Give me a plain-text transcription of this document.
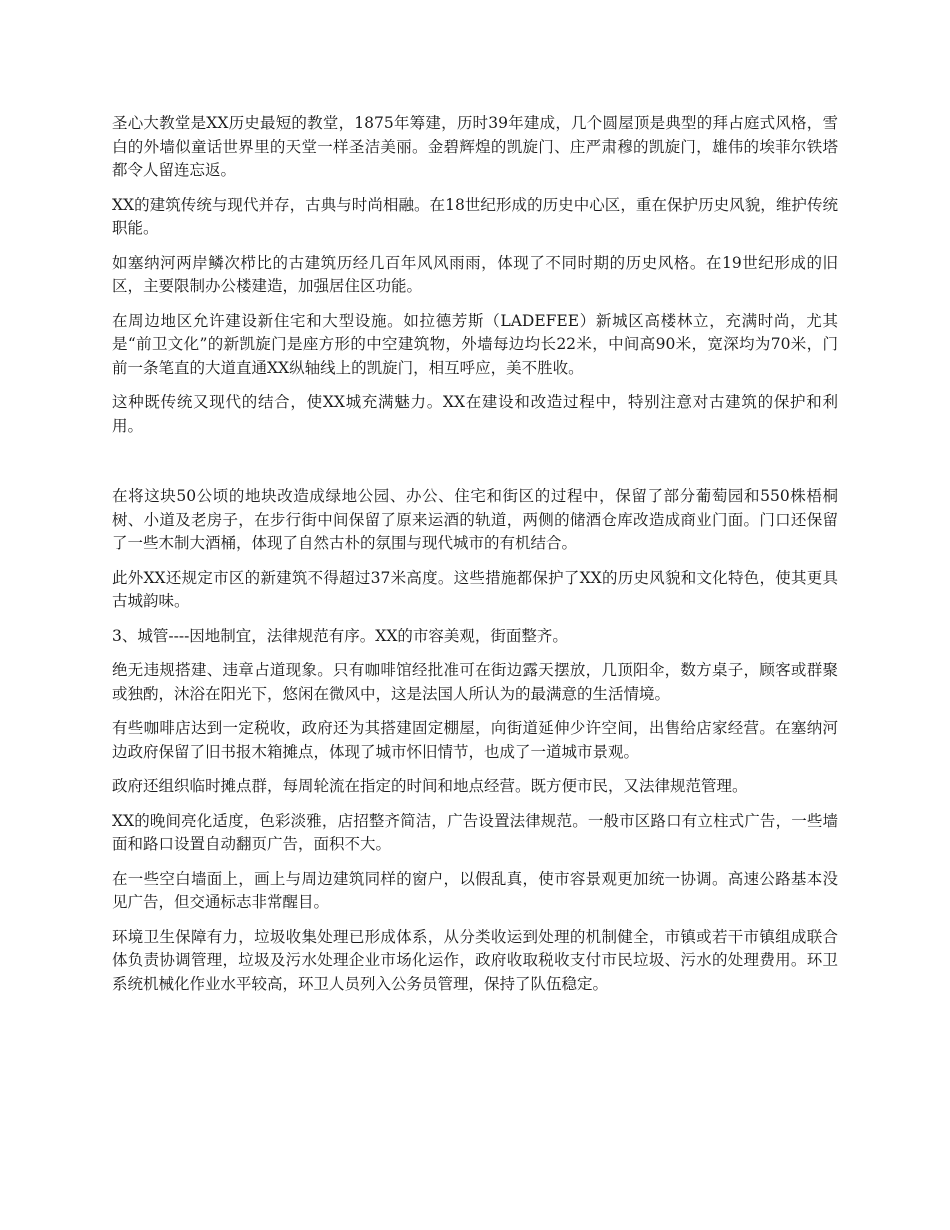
圣心大教堂是XX历史最短的教堂，1875年筹建，历时39年建成，几个圆屋顶是典型的拜占庭式风格，雪白的外墙似童话世界里的天堂一样圣洁美丽。金碧辉煌的凯旋门、庄严肃穆的凯旋门，雄伟的埃菲尔铁塔都令人留连忘返。

XX的建筑传统与现代并存，古典与时尚相融。在18世纪形成的历史中心区，重在保护历史风貌，维护传统职能。

如塞纳河两岸鳞次栉比的古建筑历经几百年风风雨雨，体现了不同时期的历史风格。在19世纪形成的旧区，主要限制办公楼建造，加强居住区功能。

在周边地区允许建设新住宅和大型设施。如拉德芳斯（LADEFEE）新城区高楼林立，充满时尚，尤其是“前卫文化”的新凯旋门是座方形的中空建筑物，外墙每边均长22米，中间高90米，宽深均为70米，门前一条笔直的大道直通XX纵轴线上的凯旋门，相互呼应，美不胜收。

这种既传统又现代的结合，使XX城充满魅力。XX在建设和改造过程中，特别注意对古建筑的保护和利用。

在将这块50公顷的地块改造成绿地公园、办公、住宅和街区的过程中，保留了部分葡萄园和550株梧桐树、小道及老房子，在步行街中间保留了原来运酒的轨道，两侧的储酒仓库改造成商业门面。门口还保留了一些木制大酒桶，体现了自然古朴的氛围与现代城市的有机结合。

此外XX还规定市区的新建筑不得超过37米高度。这些措施都保护了XX的历史风貌和文化特色，使其更具古城韵味。

3、城管----因地制宜，法律规范有序。XX的市容美观，街面整齐。

绝无违规搭建、违章占道现象。只有咖啡馆经批准可在街边露天摆放，几顶阳伞，数方桌子，顾客或群聚或独酌，沐浴在阳光下，悠闲在微风中，这是法国人所认为的最满意的生活情境。

有些咖啡店达到一定税收，政府还为其搭建固定棚屋，向街道延伸少许空间，出售给店家经营。在塞纳河边政府保留了旧书报木箱摊点，体现了城市怀旧情节，也成了一道城市景观。

政府还组织临时摊点群，每周轮流在指定的时间和地点经营。既方便市民，又法律规范管理。

XX的晚间亮化适度，色彩淡雅，店招整齐简洁，广告设置法律规范。一般市区路口有立柱式广告，一些墙面和路口设置自动翻页广告，面积不大。

在一些空白墙面上，画上与周边建筑同样的窗户，以假乱真，使市容景观更加统一协调。高速公路基本没见广告，但交通标志非常醒目。

环境卫生保障有力，垃圾收集处理已形成体系，从分类收运到处理的机制健全，市镇或若干市镇组成联合体负责协调管理，垃圾及污水处理企业市场化运作，政府收取税收支付市民垃圾、污水的处理费用。环卫系统机械化作业水平较高，环卫人员列入公务员管理，保持了队伍稳定。
